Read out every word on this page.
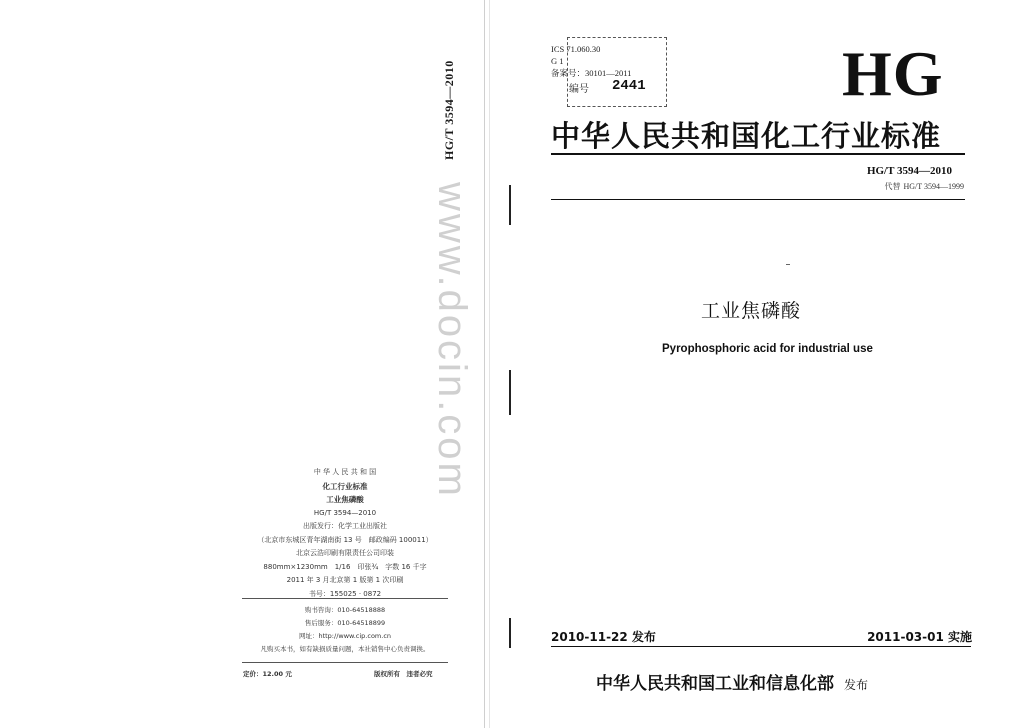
HG/T 3594—2010
www.docin.com
中 华 人 民 共 和 国
化工行业标准
工业焦磷酸
HG/T 3594—2010
出版发行：化学工业出版社
（北京市东城区青年湖南街 13 号　邮政编码 100011）
北京云浩印刷有限责任公司印装
880mm×1230mm　1/16　印张¾　字数 16 千字
2011 年 3 月北京第 1 版第 1 次印刷
书号：155025 · 0872
购书咨询：010-64518888
售后服务：010-64518899
网址：http://www.cip.com.cn
凡购买本书，如有缺损质量问题，本社销售中心负责调换。
定价：12.00 元	版权所有　违者必究
ICS 71.060.30
G 1
备案号：30101—2011
编号 2441	HG
中华人民共和国化工行业标准
HG/T 3594—2010
代替 HG/T 3594—1999
工业焦磷酸
Pyrophosphoric acid for industrial use
2010-11-22 发布	2011-03-01 实施
中华人民共和国工业和信息化部 发布
